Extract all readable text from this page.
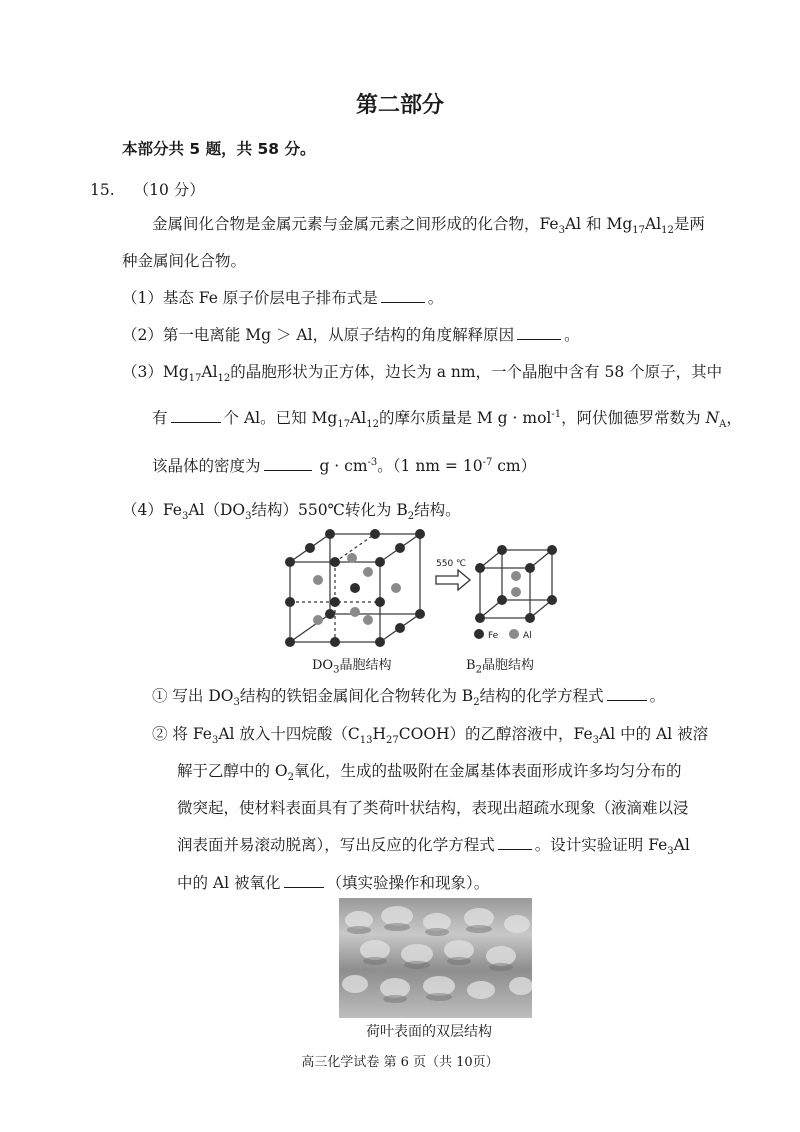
第二部分
本部分共 5 题，共 58 分。
15. （10 分）
金属间化合物是金属元素与金属元素之间形成的化合物，$Fe_3Al$ 和 $Mg_{17}Al_{12}$是两
种金属间化合物。
（1）基态 Fe 原子价层电子排布式是	。
（2）第一电离能 Mg ＞ Al，从原子结构的角度解释原因	。
$(3)Mg_{17}Al_{12}$的晶胞形状为正方体，边长为 a nm，一个晶胞中含有 58 个原子，其中
有	个 Al。已知 $Mg_{17}Al_{12}$的摩尔质量是 M g · mol$^{-1}$，阿伏伽德罗常数为 $N_A$，
该晶体的密度为	$g \cdot cm^{-3}$。（1 nm = $10^{-7}$ cm）
$(4)Fe_3Al(DO_3$结构）550℃转化为 $B_2$结构。
550 ℃
Fe	Al
$DO_3$晶胞结构	$B_2$晶胞结构
① 写出 $DO_3$结构的铁铝金属间化合物转化为 $B_2$结构的化学方程式	。
② 将 $Fe_3Al$ 放入十四烷酸$(C_{13}H_{27}COOH)$的乙醇溶液中，$Fe_3Al$ 中的 Al 被溶
解于乙醇中的 $O_2$氧化，生成的盐吸附在金属基体表面形成许多均匀分布的
微突起，使材料表面具有了类荷叶状结构，表现出超疏水现象（液滴难以浸
润表面并易滚动脱离），写出反应的化学方程式	。设计实验证明 $Fe_3Al$
中的 Al 被氧化	（填实验操作和现象）。
荷叶表面的双层结构
高三化学试卷 第 6 页（共 10页）
